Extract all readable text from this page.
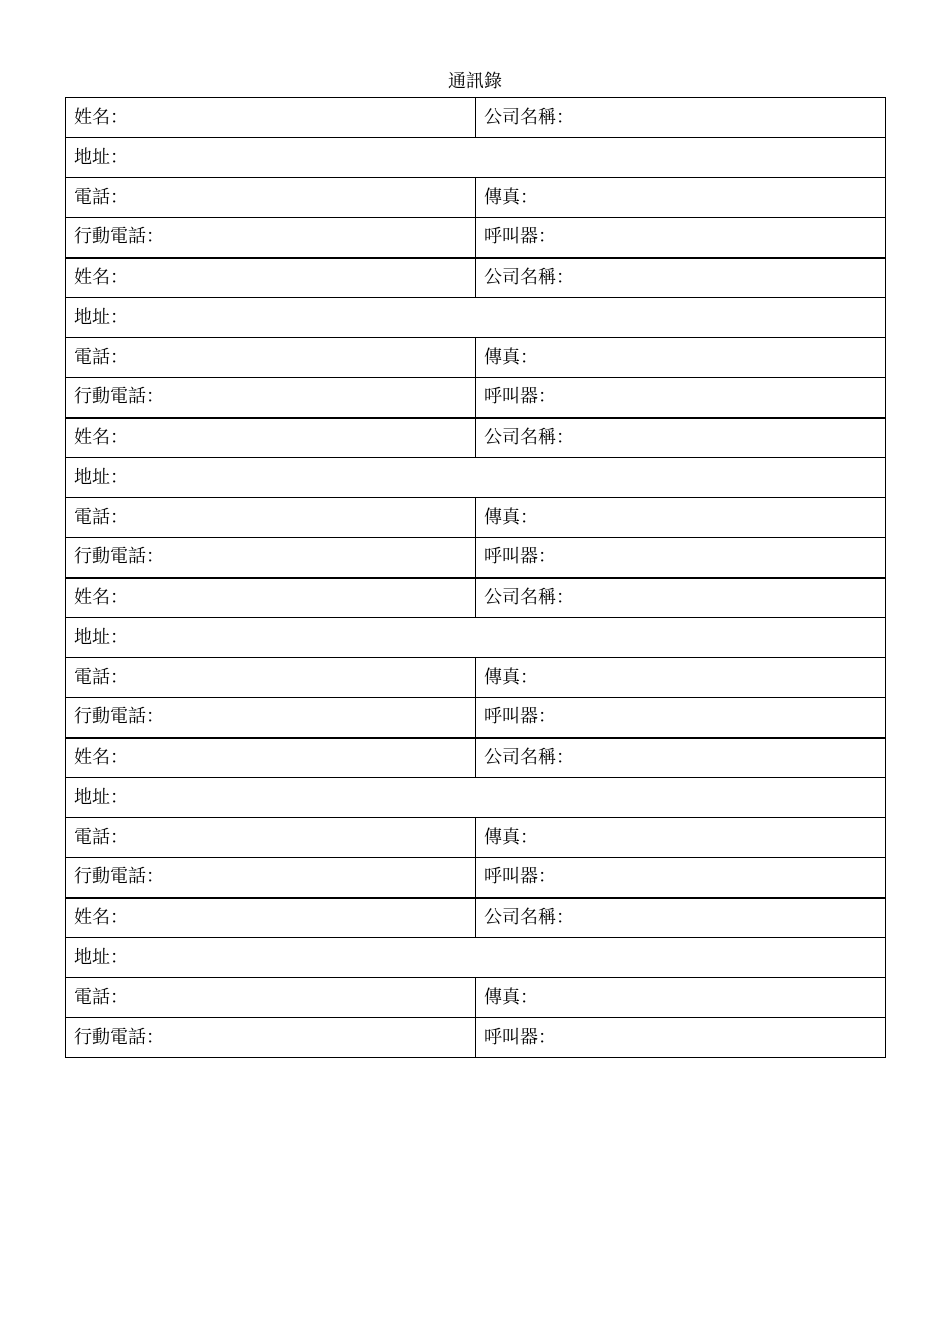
通訊錄
姓名：	公司名稱：
地址：	
電話：	傳真：
行動電話：	呼叫器：
姓名：	公司名稱：
地址：	
電話：	傳真：
行動電話：	呼叫器：
姓名：	公司名稱：
地址：	
電話：	傳真：
行動電話：	呼叫器：
姓名：	公司名稱：
地址：	
電話：	傳真：
行動電話：	呼叫器：
姓名：	公司名稱：
地址：	
電話：	傳真：
行動電話：	呼叫器：
姓名：	公司名稱：
地址：	
電話：	傳真：
行動電話：	呼叫器：
